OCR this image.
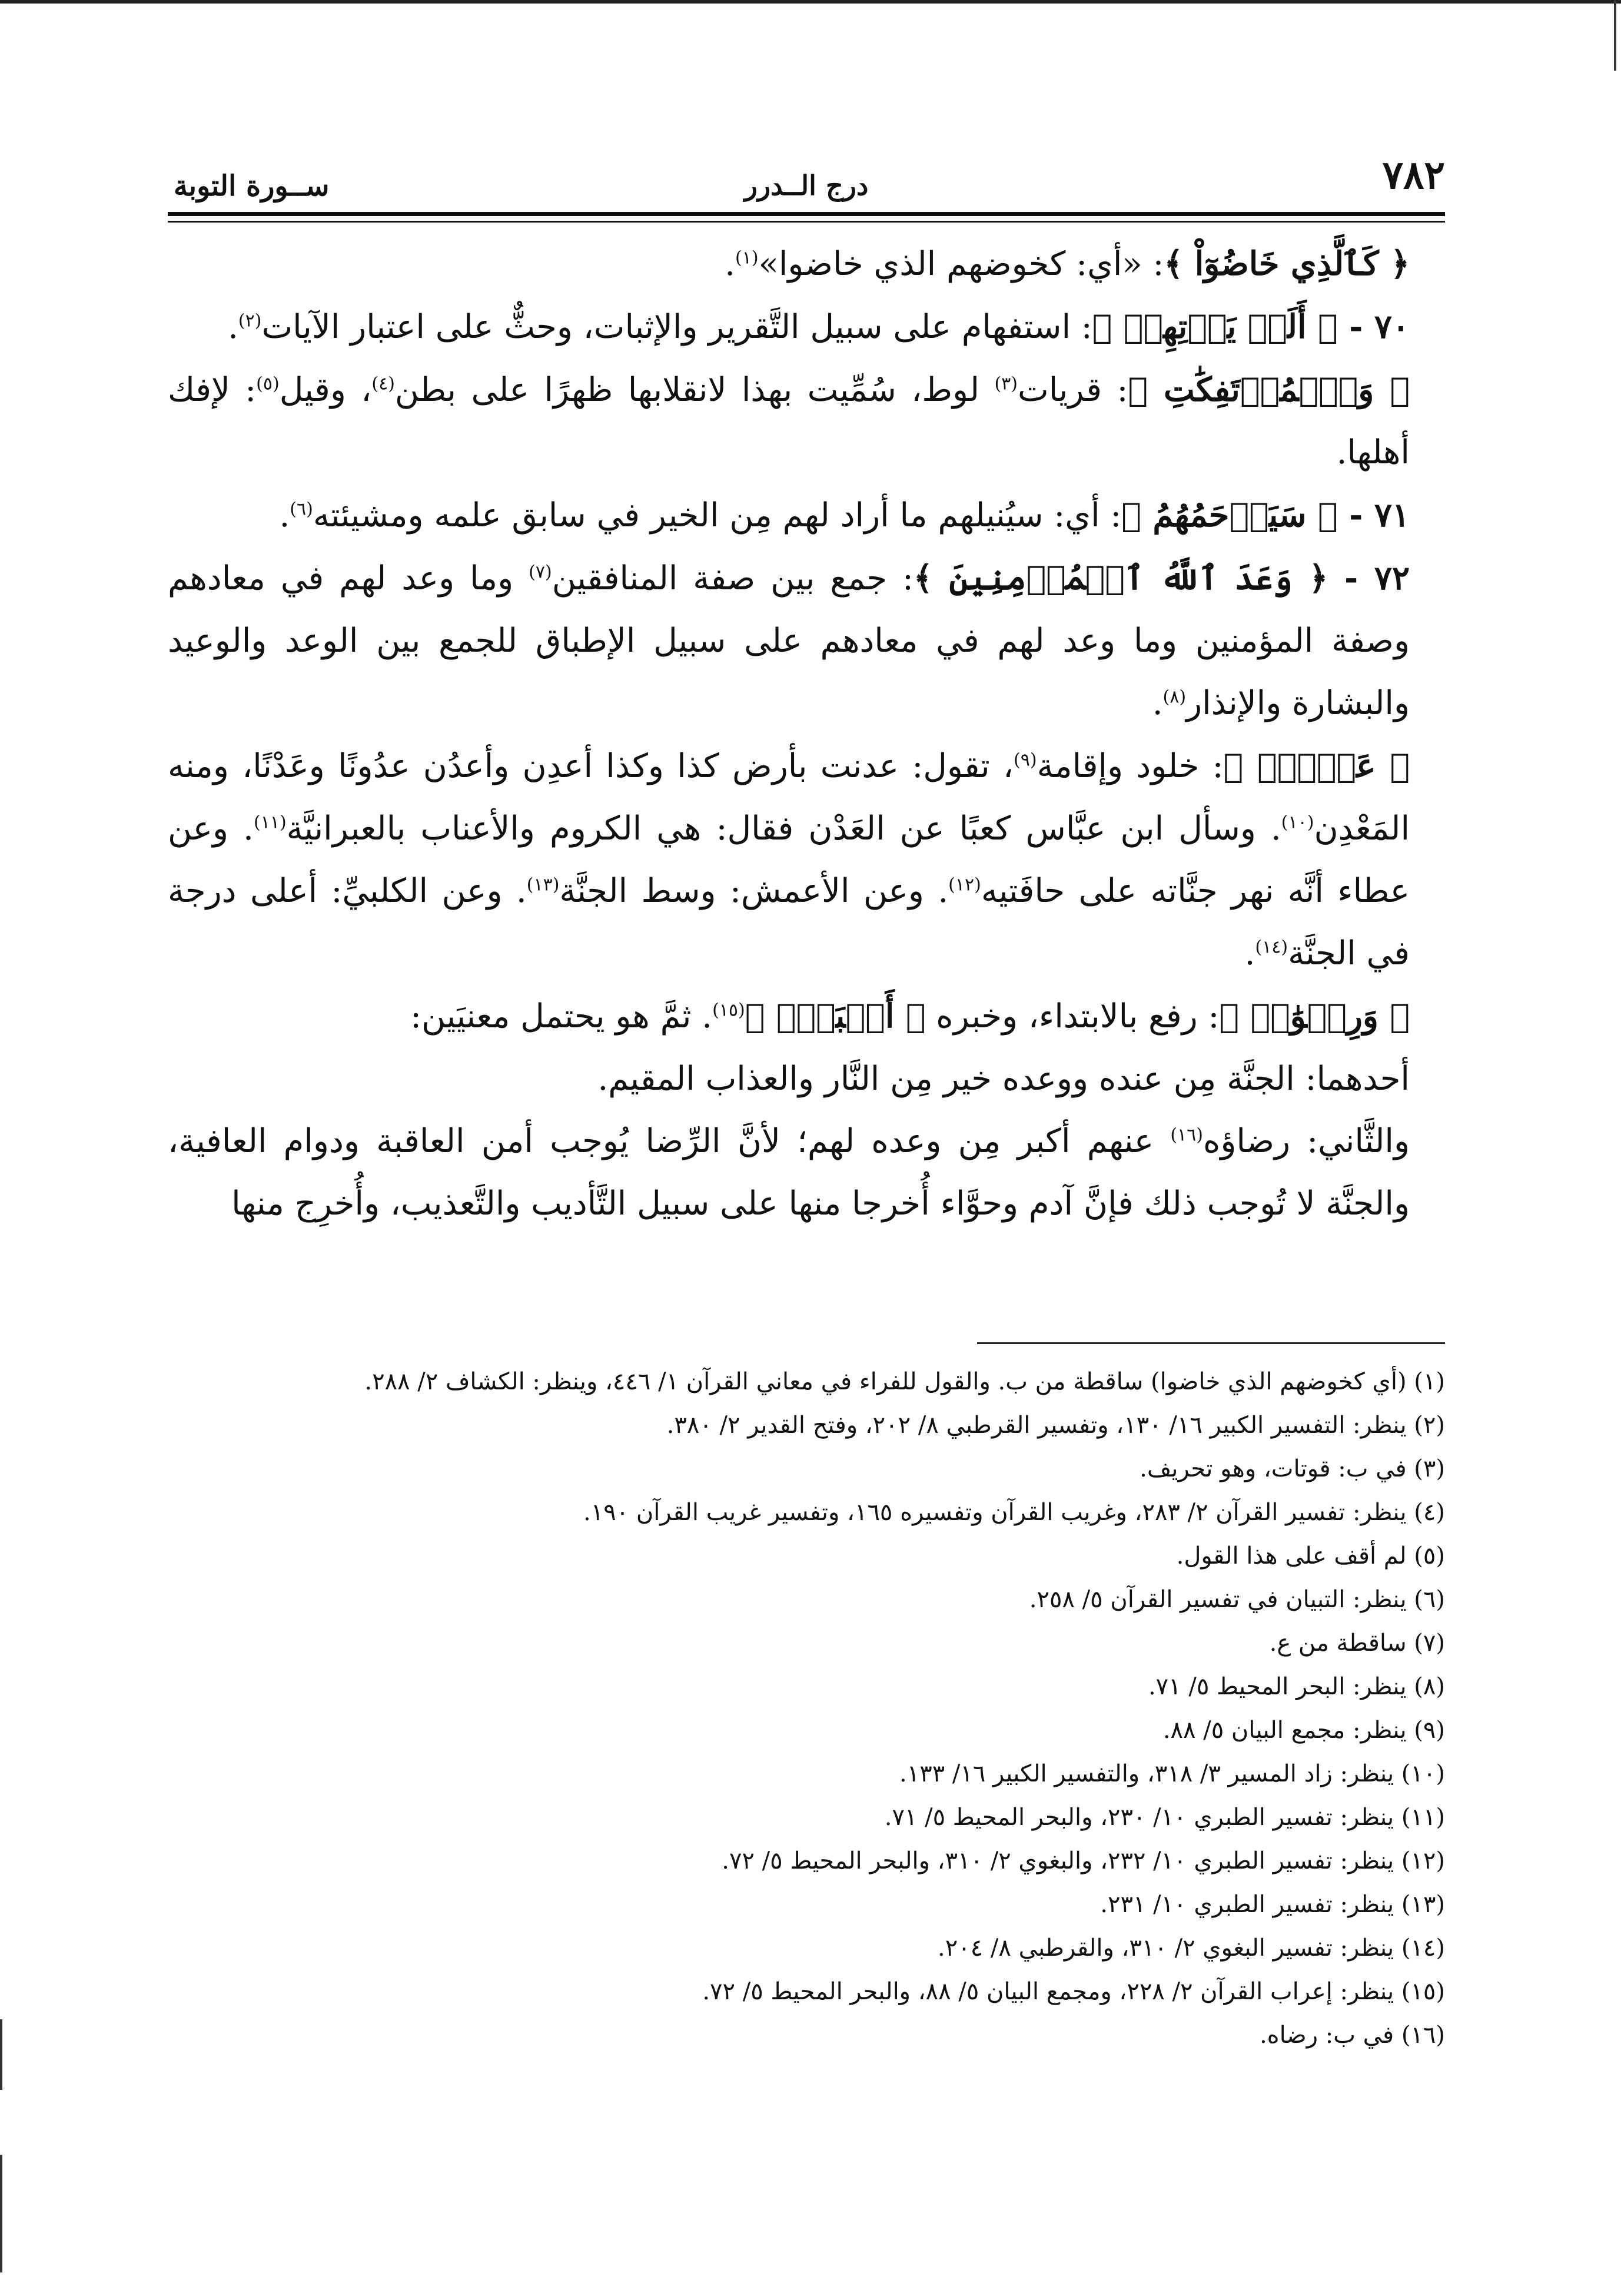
٧٨٢
درج الــدرر
ســورة التوبة

﴿ كَٱلَّذِي خَاضُوٓاْ ﴾: «أي: كخوضهم الذي خاضوا»$^{(١)}$.

٧٠ - ﴿ أَلَمۡ يَأۡتِهِمۡ ﴾: استفهام على سبيل التَّقرير والإثبات، وحثٌّ على اعتبار الآيات$^{(٢)}$.

﴿ وَٱلۡمُؤۡتَفِكَٰتِ ﴾: قريات$^{(٣)}$ لوط، سُمِّيت بهذا لانقلابها ظهرًا على بطن$^{(٤)}$، وقيل$^{(٥)}$: لإفك أهلها.

٧١ - ﴿ سَيَرۡحَمُهُمُ ﴾: أي: سيُنيلهم ما أراد لهم مِن الخير في سابق علمه ومشيئته$^{(٦)}$.

٧٢ - ﴿ وَعَدَ ٱللَّهُ ٱلۡمُؤۡمِنِينَ ﴾: جمع بين صفة المنافقين$^{(٧)}$ وما وعد لهم في معادهم وصفة المؤمنين وما وعد لهم في معادهم على سبيل الإطباق للجمع بين الوعد والوعيد والبشارة والإنذار$^{(٨)}$.

﴿ عَدۡنٍۚ ﴾: خلود وإقامة$^{(٩)}$، تقول: عدنت بأرض كذا وكذا أعدِن وأعدُن عدُونًا وعَدْنًا، ومنه المَعْدِن$^{(١٠)}$. وسأل ابن عبَّاس كعبًا عن العَدْن فقال: هي الكروم والأعناب بالعبرانيَّة$^{(١١)}$. وعن عطاء أنَّه نهر جنَّاته على حافَتيه$^{(١٢)}$. وعن الأعمش: وسط الجنَّة$^{(١٣)}$. وعن الكلبيِّ: أعلى درجة في الجنَّة$^{(١٤)}$.

﴿ وَرِضۡوَٰنٞ ﴾: رفع بالابتداء، وخبره ﴿ أَكۡبَرُۚ ﴾$^{(١٥)}$. ثمَّ هو يحتمل معنيَين:

أحدهما: الجنَّة مِن عنده ووعده خير مِن النَّار والعذاب المقيم.

والثَّاني: رضاؤه$^{(١٦)}$ عنهم أكبر مِن وعده لهم؛ لأنَّ الرِّضا يُوجب أمن العاقبة ودوام العافية، والجنَّة لا تُوجب ذلك فإنَّ آدم وحوَّاء أُخرجا منها على سبيل التَّأديب والتَّعذيب، وأُخرِج منها

(١) (أي كخوضهم الذي خاضوا) ساقطة من ب. والقول للفراء في معاني القرآن ١/ ٤٤٦، وينظر: الكشاف ٢/ ٢٨٨.

(٢) ينظر: التفسير الكبير ١٦/ ١٣٠، وتفسير القرطبي ٨/ ٢٠٢، وفتح القدير ٢/ ٣٨٠.

(٣) في ب: قوتات، وهو تحريف.

(٤) ينظر: تفسير القرآن ٢/ ٢٨٣، وغريب القرآن وتفسيره ١٦٥، وتفسير غريب القرآن ١٩٠.

(٥) لم أقف على هذا القول.

(٦) ينظر: التبيان في تفسير القرآن ٥/ ٢٥٨.

(٧) ساقطة من ع.

(٨) ينظر: البحر المحيط ٥/ ٧١.

(٩) ينظر: مجمع البيان ٥/ ٨٨.

(١٠) ينظر: زاد المسير ٣/ ٣١٨، والتفسير الكبير ١٦/ ١٣٣.

(١١) ينظر: تفسير الطبري ١٠/ ٢٣٠، والبحر المحيط ٥/ ٧١.

(١٢) ينظر: تفسير الطبري ١٠/ ٢٣٢، والبغوي ٢/ ٣١٠، والبحر المحيط ٥/ ٧٢.

(١٣) ينظر: تفسير الطبري ١٠/ ٢٣١.

(١٤) ينظر: تفسير البغوي ٢/ ٣١٠، والقرطبي ٨/ ٢٠٤.

(١٥) ينظر: إعراب القرآن ٢/ ٢٢٨، ومجمع البيان ٥/ ٨٨، والبحر المحيط ٥/ ٧٢.

(١٦) في ب: رضاه.
